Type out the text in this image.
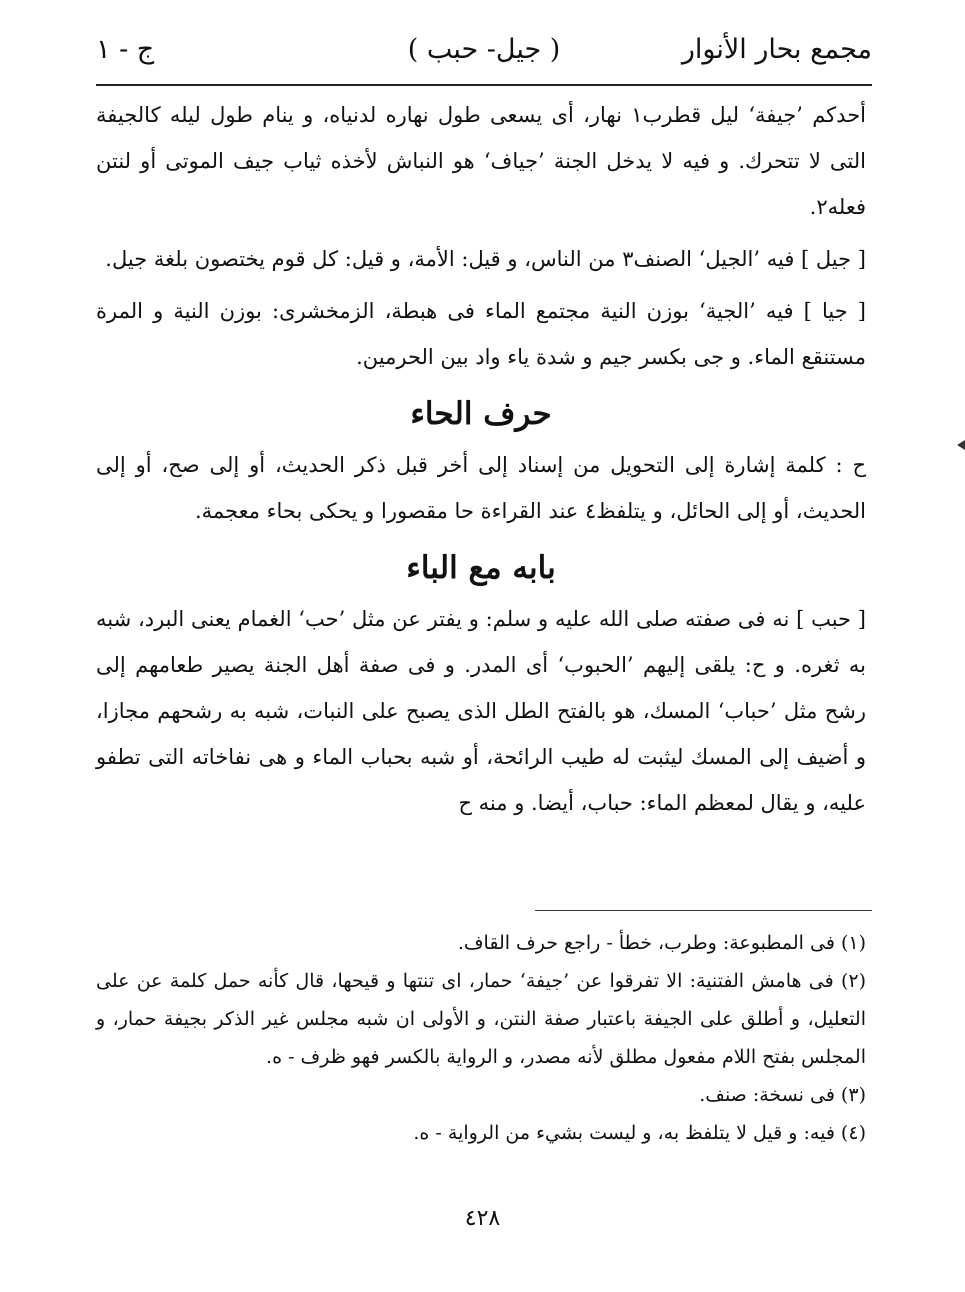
مجمع بحار الأنوار
( جيل- حبب )
ج - ١

أحدكم ’جيفة‘ ليل قطرب١ نهار، أى يسعى طول نهاره لدنياه، و ينام طول ليله كالجيفة التى لا تتحرك. و فيه لا يدخل الجنة ’جياف‘ هو النباش لأخذه ثياب جيف الموتى أو لنتن فعله٢.

[ جيل ] فيه ’الجيل‘ الصنف٣ من الناس، و قيل: الأمة، و قيل: كل قوم يختصون بلغة جيل.

[ جيا ] فيه ’الجية‘ بوزن النية مجتمع الماء فى هبطة، الزمخشرى: بوزن النية و المرة مستنقع الماء. و جى بكسر جيم و شدة ياء واد بين الحرمين.

حرف الحاء

ح : كلمة إشارة إلى التحويل من إسناد إلى أخر قبل ذكر الحديث، أو إلى صح، أو إلى الحديث، أو إلى الحائل، و يتلفظ٤ عند القراءة حا مقصورا و يحكى بحاء معجمة.

بابه مع الباء

[ حبب ] نه فى صفته صلى الله عليه و سلم: و يفتر عن مثل ’حب‘ الغمام يعنى البرد، شبه به ثغره. و ح: يلقى إليهم ’الحبوب‘ أى المدر. و فى صفة أهل الجنة يصير طعامهم إلى رشح مثل ’حباب‘ المسك، هو بالفتح الطل الذى يصبح على النبات، شبه به رشحهم مجازا، و أضيف إلى المسك ليثبت له طيب الرائحة، أو شبه بحباب الماء و هى نفاخاته التى تطفو عليه، و يقال لمعظم الماء: حباب، أيضا. و منه ح

(١) فى المطبوعة: وطرب، خطأ - راجع حرف القاف.

(٢) فى هامش الفتنية: الا تفرقوا عن ’جيفة‘ حمار، اى تنتها و قيحها، قال كأنه حمل كلمة عن على التعليل، و أطلق على الجيفة باعتبار صفة النتن، و الأولى ان شبه مجلس غير الذكر بجيفة حمار، و المجلس بفتح اللام مفعول مطلق لأنه مصدر، و الرواية بالكسر فهو ظرف - ه.

(٣) فى نسخة: صنف.

(٤) فيه: و قيل لا يتلفظ به، و ليست بشيء من الرواية - ه.

٤٢٨
